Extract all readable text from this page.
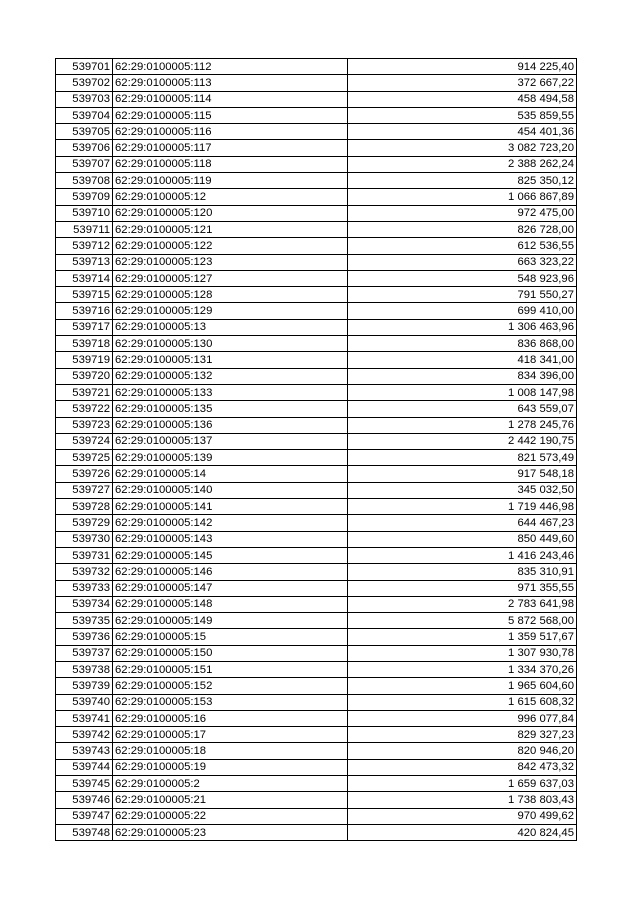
539701	62:29:0100005:112	914 225,40
539702	62:29:0100005:113	372 667,22
539703	62:29:0100005:114	458 494,58
539704	62:29:0100005:115	535 859,55
539705	62:29:0100005:116	454 401,36
539706	62:29:0100005:117	3 082 723,20
539707	62:29:0100005:118	2 388 262,24
539708	62:29:0100005:119	825 350,12
539709	62:29:0100005:12	1 066 867,89
539710	62:29:0100005:120	972 475,00
539711	62:29:0100005:121	826 728,00
539712	62:29:0100005:122	612 536,55
539713	62:29:0100005:123	663 323,22
539714	62:29:0100005:127	548 923,96
539715	62:29:0100005:128	791 550,27
539716	62:29:0100005:129	699 410,00
539717	62:29:0100005:13	1 306 463,96
539718	62:29:0100005:130	836 868,00
539719	62:29:0100005:131	418 341,00
539720	62:29:0100005:132	834 396,00
539721	62:29:0100005:133	1 008 147,98
539722	62:29:0100005:135	643 559,07
539723	62:29:0100005:136	1 278 245,76
539724	62:29:0100005:137	2 442 190,75
539725	62:29:0100005:139	821 573,49
539726	62:29:0100005:14	917 548,18
539727	62:29:0100005:140	345 032,50
539728	62:29:0100005:141	1 719 446,98
539729	62:29:0100005:142	644 467,23
539730	62:29:0100005:143	850 449,60
539731	62:29:0100005:145	1 416 243,46
539732	62:29:0100005:146	835 310,91
539733	62:29:0100005:147	971 355,55
539734	62:29:0100005:148	2 783 641,98
539735	62:29:0100005:149	5 872 568,00
539736	62:29:0100005:15	1 359 517,67
539737	62:29:0100005:150	1 307 930,78
539738	62:29:0100005:151	1 334 370,26
539739	62:29:0100005:152	1 965 604,60
539740	62:29:0100005:153	1 615 608,32
539741	62:29:0100005:16	996 077,84
539742	62:29:0100005:17	829 327,23
539743	62:29:0100005:18	820 946,20
539744	62:29:0100005:19	842 473,32
539745	62:29:0100005:2	1 659 637,03
539746	62:29:0100005:21	1 738 803,43
539747	62:29:0100005:22	970 499,62
539748	62:29:0100005:23	420 824,45
